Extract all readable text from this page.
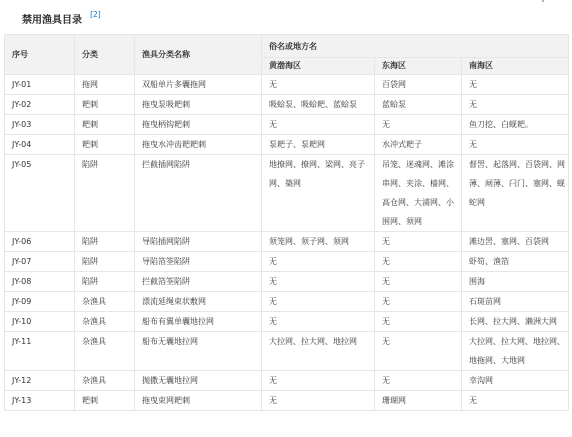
禁用渔具目录 [2]
序号	分类	渔具分类名称	俗名或地方名		
			黄渤海区	东海区	南海区
JY-01	拖网	双船单片多囊拖网	无	百袋网	无
JY-02	耙刺	拖曳泵吸耙刺	吸蛤泵、吸蛤耙、蓝蛤泵	蓝蛤泵	无
JY-03	耙刺	拖曳柄钩耙刺	无	无	鱼刀挖、白蚬耙。
JY-04	耙刺	拖曳水冲齿耙耙刺	泵耙子、泵耙网	水冲式耙子	无
JY-05	陷阱	拦截插网陷阱	地撩网、撩网、梁网、亮子网、築网	吊笼、迷魂网、滩涂串网、夹涂、樯网、高仓网、大浦网、小围网、须网	督罟、起落网、百袋网、网薄、闸薄、闩门、塞网、蚬蛇网
JY-06	陷阱	导陷插网陷阱	须笼网、须子网、须网	无	滩边罟、塞网、百袋网
JY-07	陷阱	导陷箔筌陷阱	无	无	虾笱、渔箔
JY-08	陷阱	拦截箔筌陷阱	无	无	围海
JY-09	杂渔具	漂流延绳束状敷网	无	无	石斑苗网
JY-10	杂渔具	船布有翼单囊地拉网	无	无	长网、拉大网、濑洲大网
JY-11	杂渔具	船布无囊地拉网	大拉网、拉大网、地拉网	无	大拉网、拉大网、地拉网、地拖网、大地网
JY-12	杂渔具	抛撒无囊地拉网	无	无	幸沟网
JY-13	耙刺	拖曳束网耙刺	无	珊瑚网	无
